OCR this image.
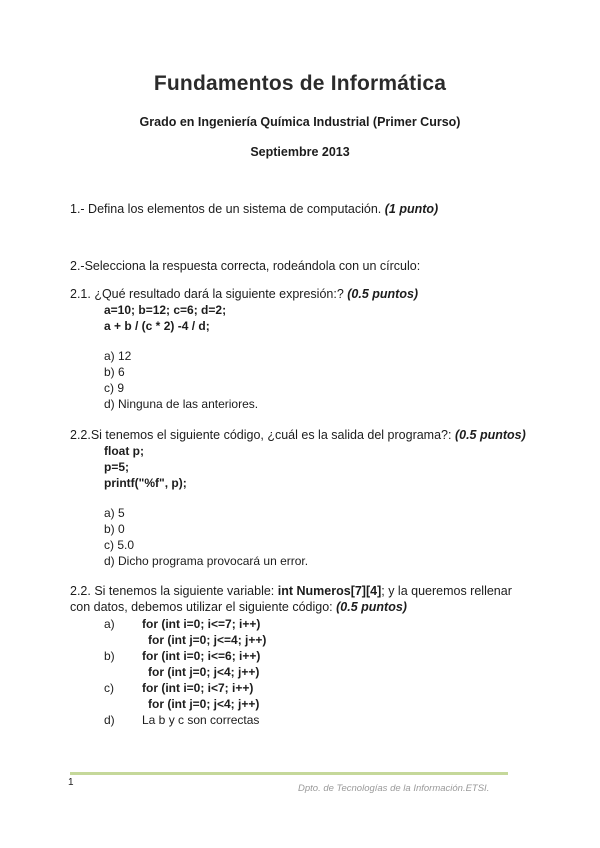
Fundamentos de Informática
Grado en Ingeniería Química Industrial (Primer Curso)
Septiembre 2013
1.- Defina los elementos de un sistema de computación. (1 punto)
2.-Selecciona la respuesta correcta, rodeándola con un círculo:
2.1. ¿Qué resultado dará la siguiente expresión:? (0.5 puntos)
a=10; b=12; c=6; d=2;
a + b / (c * 2) -4 / d;
a) 12
b) 6
c) 9
d) Ninguna de las anteriores.
2.2.Si tenemos el siguiente código, ¿cuál es la salida del programa?: (0.5 puntos)
float p;
p=5;
printf("%f", p);
a) 5
b) 0
c) 5.0
d) Dicho programa provocará un error.
2.2. Si tenemos la siguiente variable: int Numeros[7][4]; y la queremos rellenar
con datos, debemos utilizar el siguiente código: (0.5 puntos)
a) for (int i=0; i<=7; i++)
for (int j=0; j<=4; j++)
b) for (int i=0; i<=6; i++)
for (int j=0; j<4; j++)
c) for (int i=0; i<7; i++)
for (int j=0; j<4; j++)
d) La b y c son correctas
1
Dpto. de Tecnologías de la Información.ETSI.
